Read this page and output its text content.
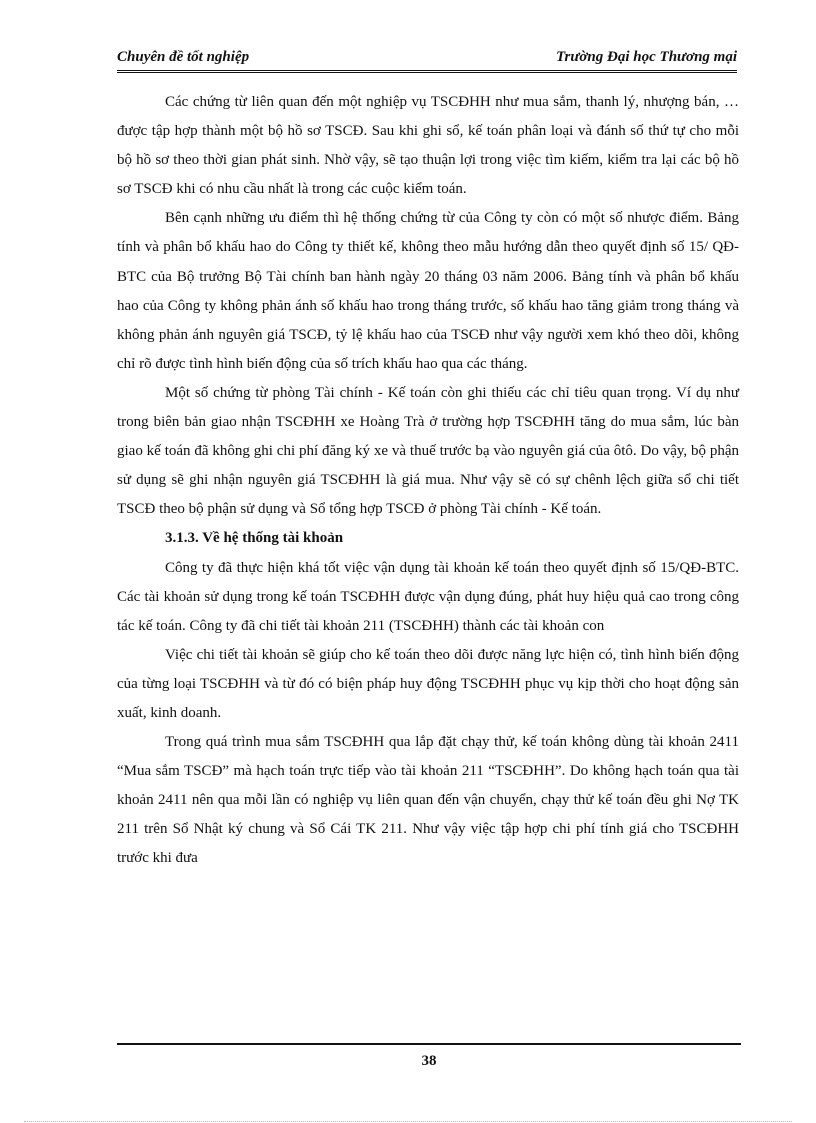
Chuyên đề tốt nghiệp	Trường Đại học Thương mại

Các chứng từ liên quan đến một nghiệp vụ TSCĐHH như mua sắm, thanh lý, nhượng bán, …được tập hợp thành một bộ hồ sơ TSCĐ. Sau khi ghi sổ, kế toán phân loại và đánh số thứ tự cho mỗi bộ hồ sơ theo thời gian phát sinh. Nhờ vậy, sẽ tạo thuận lợi trong việc tìm kiếm, kiểm tra lại các bộ hồ sơ TSCĐ khi có nhu cầu nhất là trong các cuộc kiểm toán.

Bên cạnh những ưu điểm thì hệ thống chứng từ của Công ty còn có một số nhược điểm. Bảng tính và phân bổ khấu hao do Công ty thiết kế, không theo mẫu hướng dẫn theo quyết định số 15/ QĐ-BTC của Bộ trưởng Bộ Tài chính ban hành ngày 20 tháng 03 năm 2006. Bảng tính và phân bổ khấu hao của Công ty không phản ánh số khấu hao trong tháng trước, số khấu hao tăng giảm trong tháng và không phản ánh nguyên giá TSCĐ, tỷ lệ khấu hao của TSCĐ như vậy người xem khó theo dõi, không chỉ rõ được tình hình biến động của số trích khấu hao qua các tháng.

Một số chứng từ phòng Tài chính - Kế toán còn ghi thiếu các chỉ tiêu quan trọng. Ví dụ như trong biên bản giao nhận TSCĐHH xe Hoàng Trà ở trường hợp TSCĐHH tăng do mua sắm, lúc bàn giao kế toán đã không ghi chi phí đăng ký xe và thuế trước bạ vào nguyên giá của ôtô. Do vậy, bộ phận sử dụng sẽ ghi nhận nguyên giá TSCĐHH là giá mua. Như vậy sẽ có sự chênh lệch giữa sổ chi tiết TSCĐ theo bộ phận sử dụng và Sổ tổng hợp TSCĐ ở phòng Tài chính - Kế toán.

3.1.3. Về hệ thống tài khoản

Công ty đã thực hiện khá tốt việc vận dụng tài khoản kế toán theo quyết định số 15/QĐ-BTC. Các tài khoản sử dụng trong kế toán TSCĐHH được vận dụng đúng, phát huy hiệu quả cao trong công tác kế toán. Công ty đã chi tiết tài khoản 211 (TSCĐHH) thành các tài khoản con

Việc chi tiết tài khoản sẽ giúp cho kế toán theo dõi được năng lực hiện có, tình hình biến động của từng loại TSCĐHH và từ đó có biện pháp huy động TSCĐHH phục vụ kịp thời cho hoạt động sản xuất, kinh doanh.

Trong quá trình mua sắm TSCĐHH qua lắp đặt chạy thử, kế toán không dùng tài khoản 2411 “Mua sắm TSCĐ” mà hạch toán trực tiếp vào tài khoản 211 “TSCĐHH”. Do không hạch toán qua tài khoản 2411 nên qua mỗi lần có nghiệp vụ liên quan đến vận chuyển, chạy thử kế toán đều ghi Nợ TK 211 trên Sổ Nhật ký chung và Sổ Cái TK 211. Như vậy việc tập hợp chi phí tính giá cho TSCĐHH trước khi đưa

38
